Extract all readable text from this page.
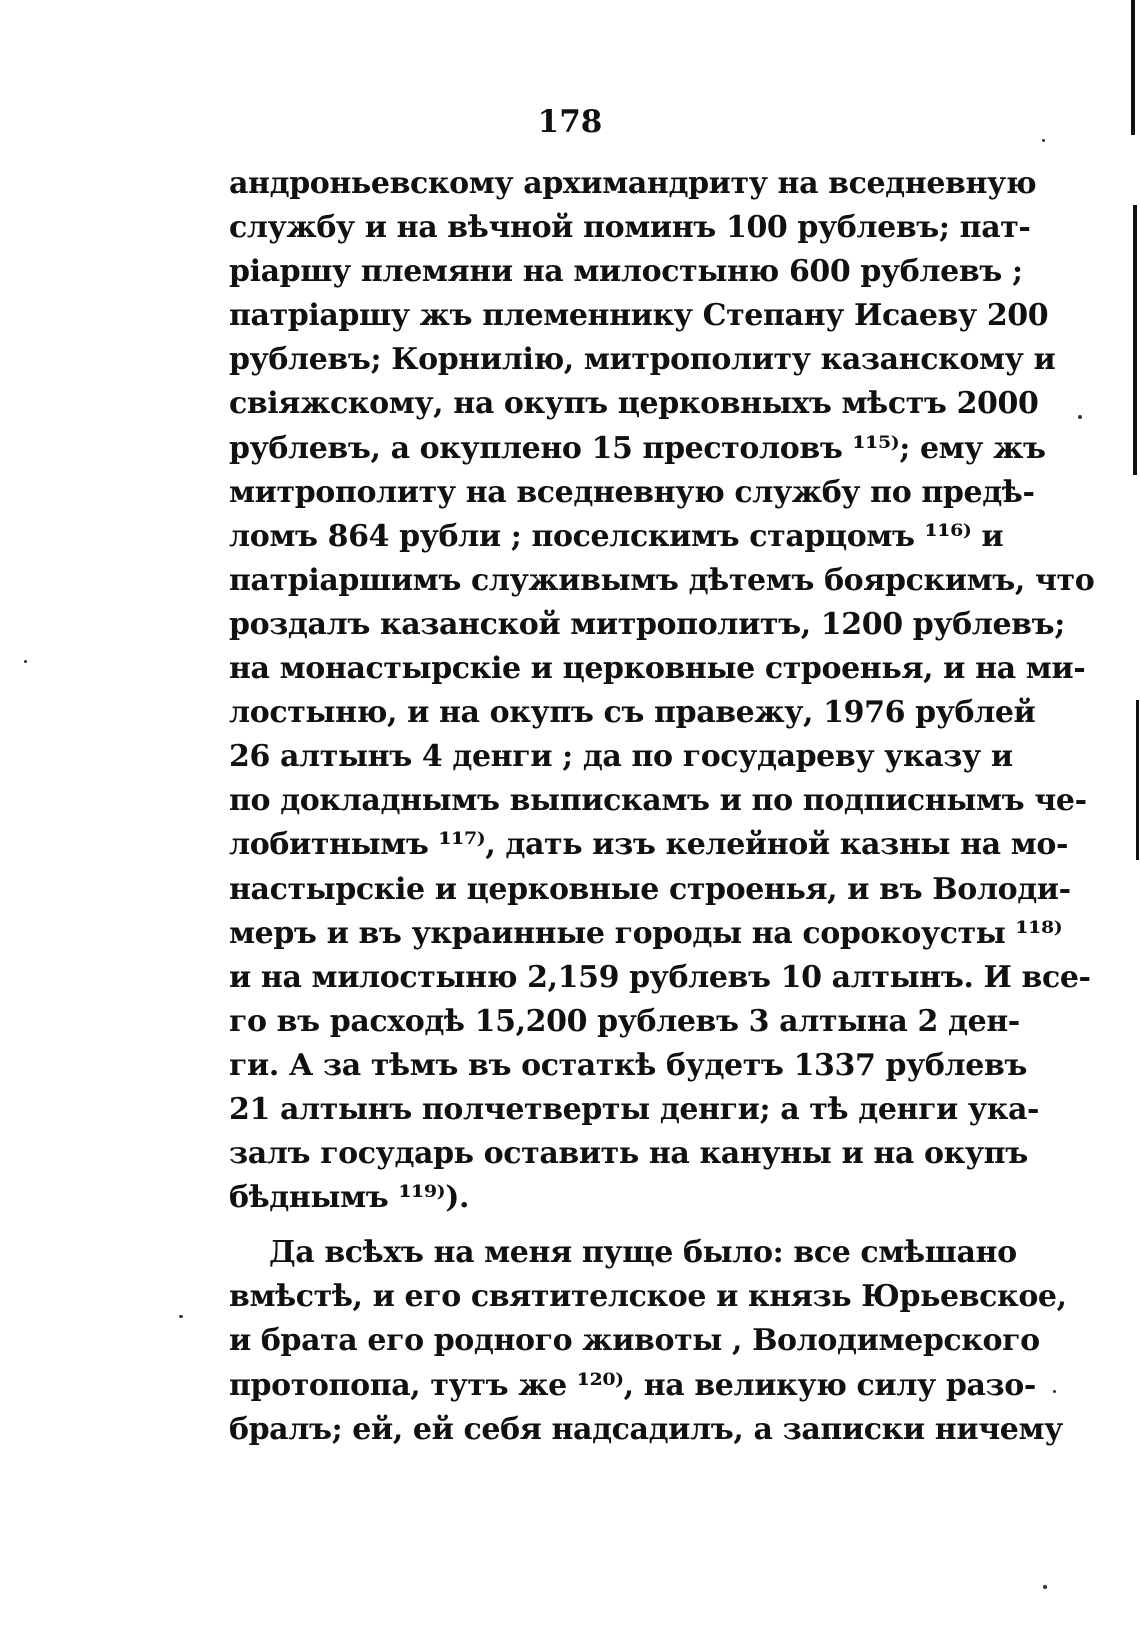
178
андроньевскому архимандриту на вседневную
службу и на вѣчной поминъ 100 рублевъ; пат-
ріаршу племяни на милостыню 600 рублевъ ;
патріаршу жъ племеннику Степану Исаеву 200
рублевъ; Корнилію, митрополиту казанскому и
свіяжскому, на окупъ церковныхъ мѣстъ 2000
рублевъ, а окуплено 15 престоловъ ¹¹⁵⁾; ему жъ
митрополиту на вседневную службу по предѣ-
ломъ 864 рубли ; поселскимъ старцомъ ¹¹⁶⁾ и
патріаршимъ служивымъ дѣтемъ боярскимъ, что
роздалъ казанской митрополитъ, 1200 рублевъ;
на монастырскіе и церковные строенья, и на ми-
лостыню, и на окупъ съ правежу, 1976 рублей
26 алтынъ 4 денги ; да по государеву указу и
по докладнымъ выпискамъ и по подписнымъ че-
лобитнымъ ¹¹⁷⁾, дать изъ келейной казны на мо-
настырскіе и церковные строенья, и въ Володи-
меръ и въ украинные городы на сорокоусты ¹¹⁸⁾
и на милостыню 2,159 рублевъ 10 алтынъ. И все-
го въ расходѣ 15,200 рублевъ 3 алтына 2 ден-
ги. А за тѣмъ въ остаткѣ будетъ 1337 рублевъ
21 алтынъ полчетверты денги; а тѣ денги ука-
залъ государь оставить на кануны и на окупъ
бѣднымъ ¹¹⁹⁾).
Да всѣхъ на меня пуще было: все смѣшано
вмѣстѣ, и его святителское и князь Юрьевское,
и брата его родного животы , Володимерского
протопопа, тутъ же ¹²⁰⁾, на великую силу разо-
бралъ; ей, ей себя надсадилъ, а записки ничему
